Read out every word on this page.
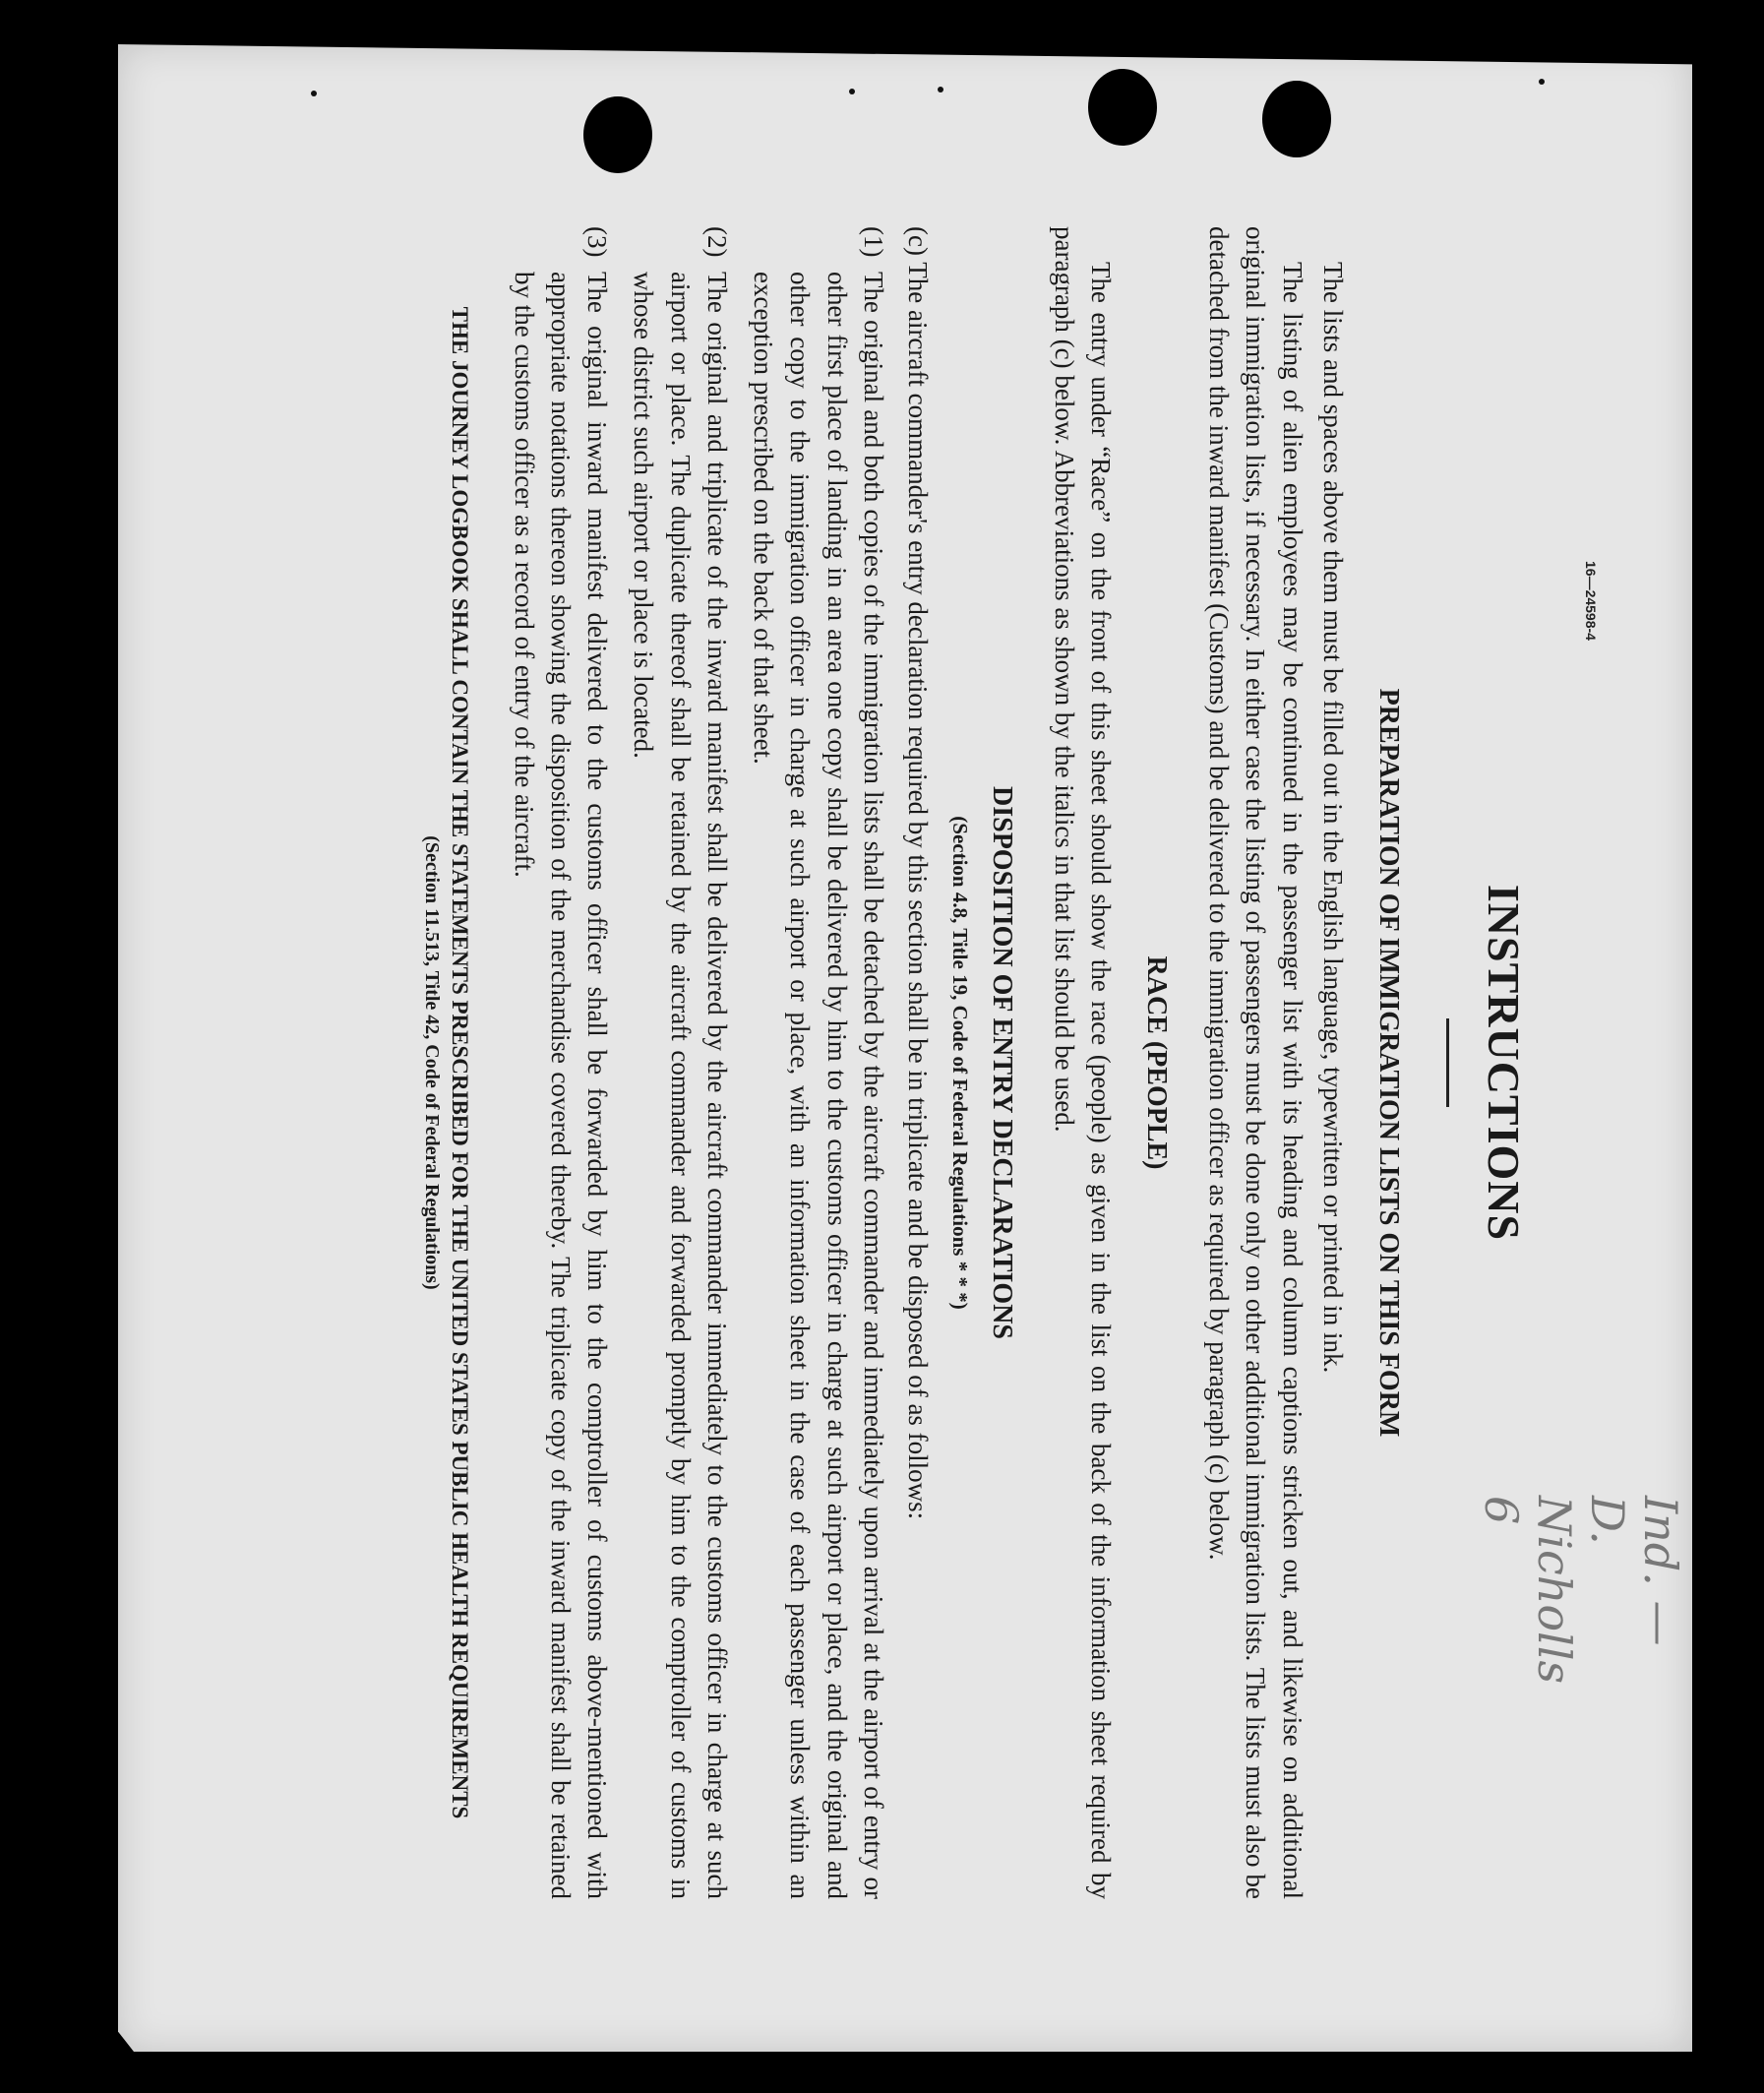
INSTRUCTIONS
PREPARATION OF IMMIGRATION LISTS ON THIS FORM

The lists and spaces above them must be filled out in the English language, typewritten or printed in ink.

The listing of alien employees may be continued in the passenger list with its heading and column captions stricken out, and likewise on additional original immigration lists, if necessary. In either case the listing of passengers must be done only on other additional immigration lists. The lists must also be detached from the inward manifest (Customs) and be delivered to the immigration officer as required by paragraph (c) below.

RACE (PEOPLE)

The entry under “Race” on the front of this sheet should show the race (people) as given in the list on the back of the information sheet required by paragraph (c) below. Abbreviations as shown by the italics in that list should be used.

DISPOSITION OF ENTRY DECLARATIONS
(Section 4.8, Title 19, Code of Federal Regulations * * *)

(c) The aircraft commander's entry declaration required by this section shall be in triplicate and be disposed of as follows:

(1)
The original and both copies of the immigration lists shall be detached by the aircraft commander and immediately upon arrival at the airport of entry or other first place of landing in an area one copy shall be delivered by him to the customs officer in charge at such airport or place, and the original and other copy to the immigration officer in charge at such airport or place, with an information sheet in the case of each passenger unless within an exception prescribed on the back of that sheet.
(2)
The original and triplicate of the inward manifest shall be delivered by the aircraft commander immediately to the customs officer in charge at such airport or place. The duplicate thereof shall be retained by the aircraft commander and forwarded promptly by him to the comptroller of customs in whose district such airport or place is located.
(3)
The original inward manifest delivered to the customs officer shall be forwarded by him to the comptroller of customs above-mentioned with appropriate notations thereon showing the disposition of the merchandise covered thereby. The triplicate copy of the inward manifest shall be retained by the customs officer as a record of entry of the aircraft.
THE JOURNEY LOGBOOK SHALL CONTAIN THE STATEMENTS PRESCRIBED FOR THE UNITED STATES PUBLIC HEALTH REQUIREMENTS
(Section 11.513, Title 42, Code of Federal Regulations)
16—24598-4
Ind. — D. Nicholls 6
